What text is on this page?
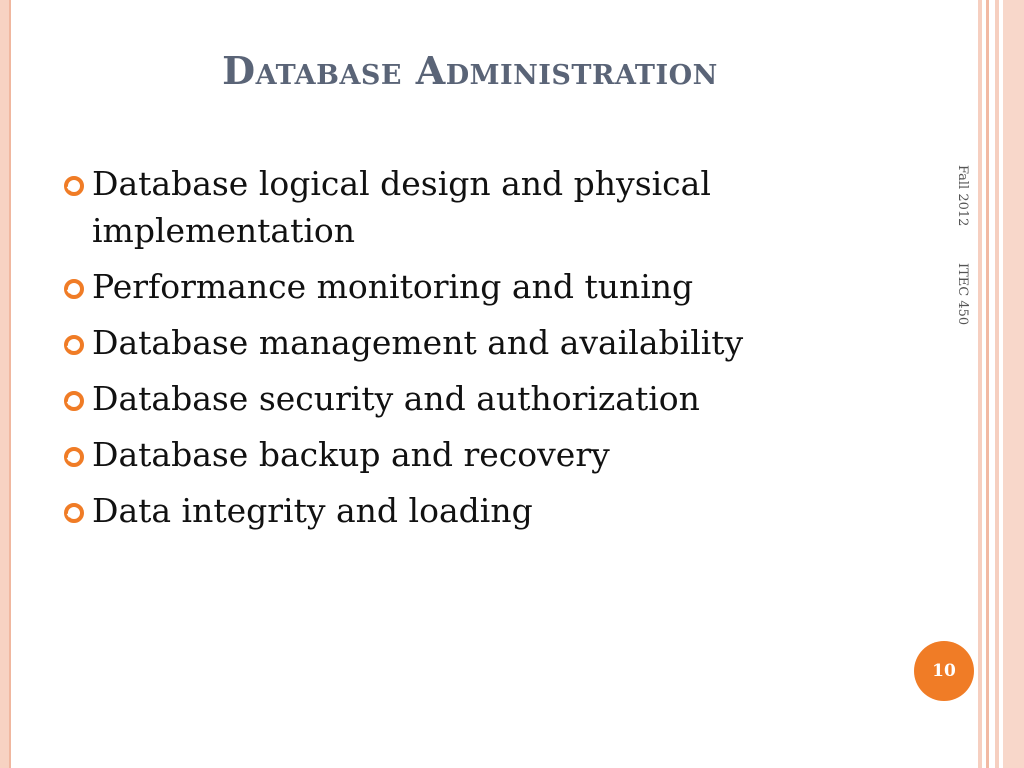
Database Administration
Database logical design and physical implementation
Performance monitoring and tuning
Database management and availability
Database security and authorization
Database backup and recovery
Data integrity and loading
Fall 2012  ITEC 450
10
